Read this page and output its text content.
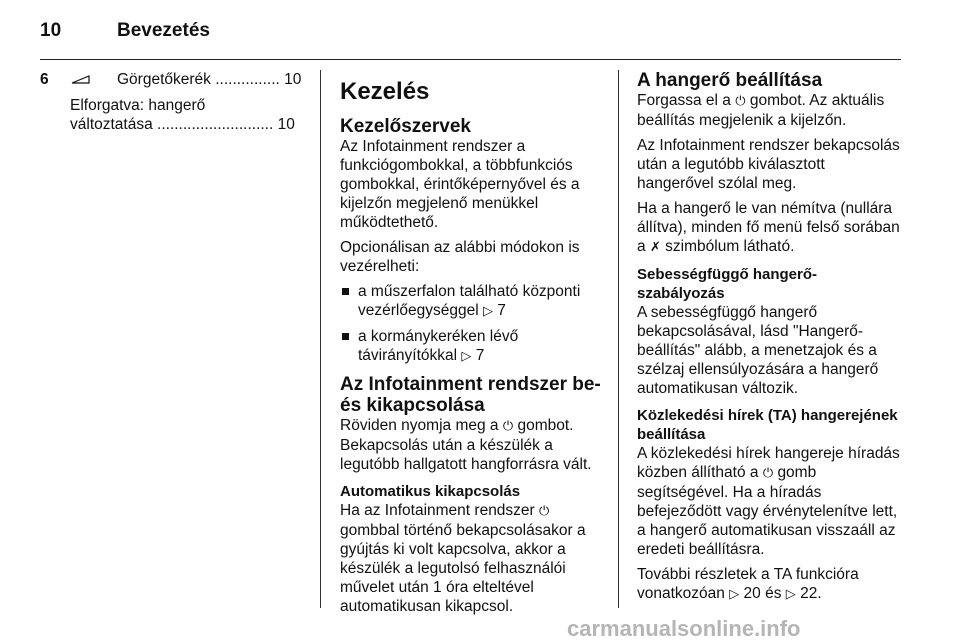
10	Bevezetés
6	Görgetőkerék ............... 10
Elforgatva: hangerő
változtatása ........................... 10
Kezelés
Kezelőszervek

Az Infotainment rendszer a funkciógombokkal, a többfunkciós gombokkal, érintőképernyővel és a kijelzőn megjelenő menükkel működtethető.

Opcionálisan az alábbi módokon is vezérelheti:

a műszerfalon található központi vezérlőegységgel ▷ 7
a kormánykeréken lévő távirányítókkal ▷ 7
Az Infotainment rendszer be- és kikapcsolása

Röviden nyomja meg a ⏻ gombot. Bekapcsolás után a készülék a legutóbb hallgatott hangforrásra vált.

Automatikus kikapcsolás

Ha az Infotainment rendszer ⏻ gombbal történő bekapcsolásakor a gyújtás ki volt kapcsolva, akkor a készülék a legutolsó felhasználói művelet után 1 óra elteltével automatikusan kikapcsol.

A hangerő beállítása

Forgassa el a ⏻ gombot. Az aktuális beállítás megjelenik a kijelzőn.

Az Infotainment rendszer bekapcsolás után a legutóbb kiválasztott hangerővel szólal meg.

Ha a hangerő le van némítva (nullára állítva), minden fő menü felső sorában a ✗ szimbólum látható.

Sebességfüggő hangerő-szabályozás

A sebességfüggő hangerő bekapcsolásával, lásd "Hangerő-beállítás" alább, a menetzajok és a szélzaj ellensúlyozására a hangerő automatikusan változik.

Közlekedési hírek (TA) hangerejének beállítása

A közlekedési hírek hangereje híradás közben állítható a ⏻ gomb segítségével. Ha a híradás befejeződött vagy érvénytelenítve lett, a hangerő automatikusan visszaáll az eredeti beállításra.

További részletek a TA funkcióra vonatkozóan ▷ 20 és ▷ 22.

carmanualsonline.info
